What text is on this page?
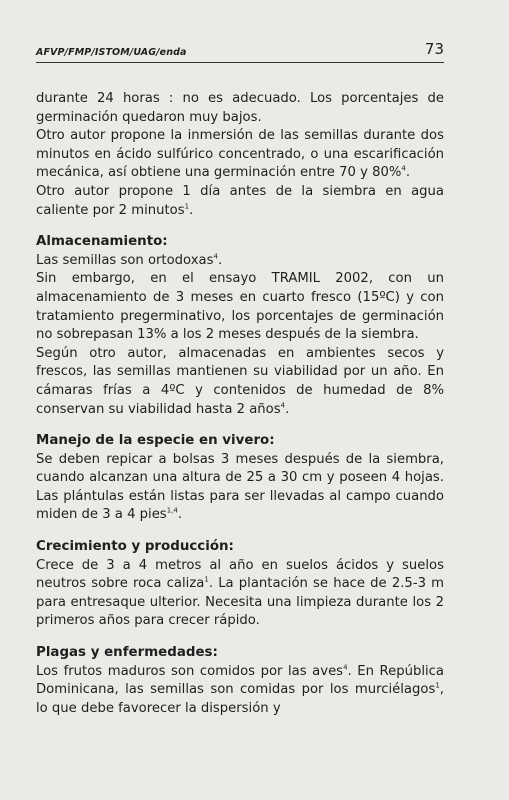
AFVP/FMP/ISTOM/UAG/enda	73

durante 24 horas : no es adecuado. Los porcentajes de germinación quedaron muy bajos.

Otro autor propone la inmersión de las semillas durante dos minutos en ácido sulfúrico concentrado, o una escarificación mecánica, así obtiene una germinación entre 70 y 80%$^4$.

Otro autor propone 1 día antes de la siembra en agua caliente por 2 minutos$^1$.

Almacenamiento:

Las semillas son ortodoxas$^4$.

Sin embargo, en el ensayo TRAMIL 2002, con un almacenamiento de 3 meses en cuarto fresco (15ºC) y con tratamiento pregerminativo, los porcentajes de germinación no sobrepasan 13% a los 2 meses después de la siembra.

Según otro autor, almacenadas en ambientes secos y frescos, las semillas mantienen su viabilidad por un año. En cámaras frías a 4ºC y contenidos de humedad de 8% conservan su viabilidad hasta 2 años$^4$.

Manejo de la especie en vivero:

Se deben repicar a bolsas 3 meses después de la siembra, cuando alcanzan una altura de 25 a 30 cm y poseen 4 hojas. Las plántulas están listas para ser llevadas al campo cuando miden de 3 a 4 pies$^{1,4}$.

Crecimiento y producción:

Crece de 3 a 4 metros al año en suelos ácidos y suelos neutros sobre roca caliza$^1$. La plantación se hace de 2.5-3 m para entresaque ulterior. Necesita una limpieza durante los 2 primeros años para crecer rápido.

Plagas y enfermedades:

Los frutos maduros son comidos por las aves$^4$. En República Dominicana, las semillas son comidas por los murciélagos$^1$, lo que debe favorecer la dispersión y
